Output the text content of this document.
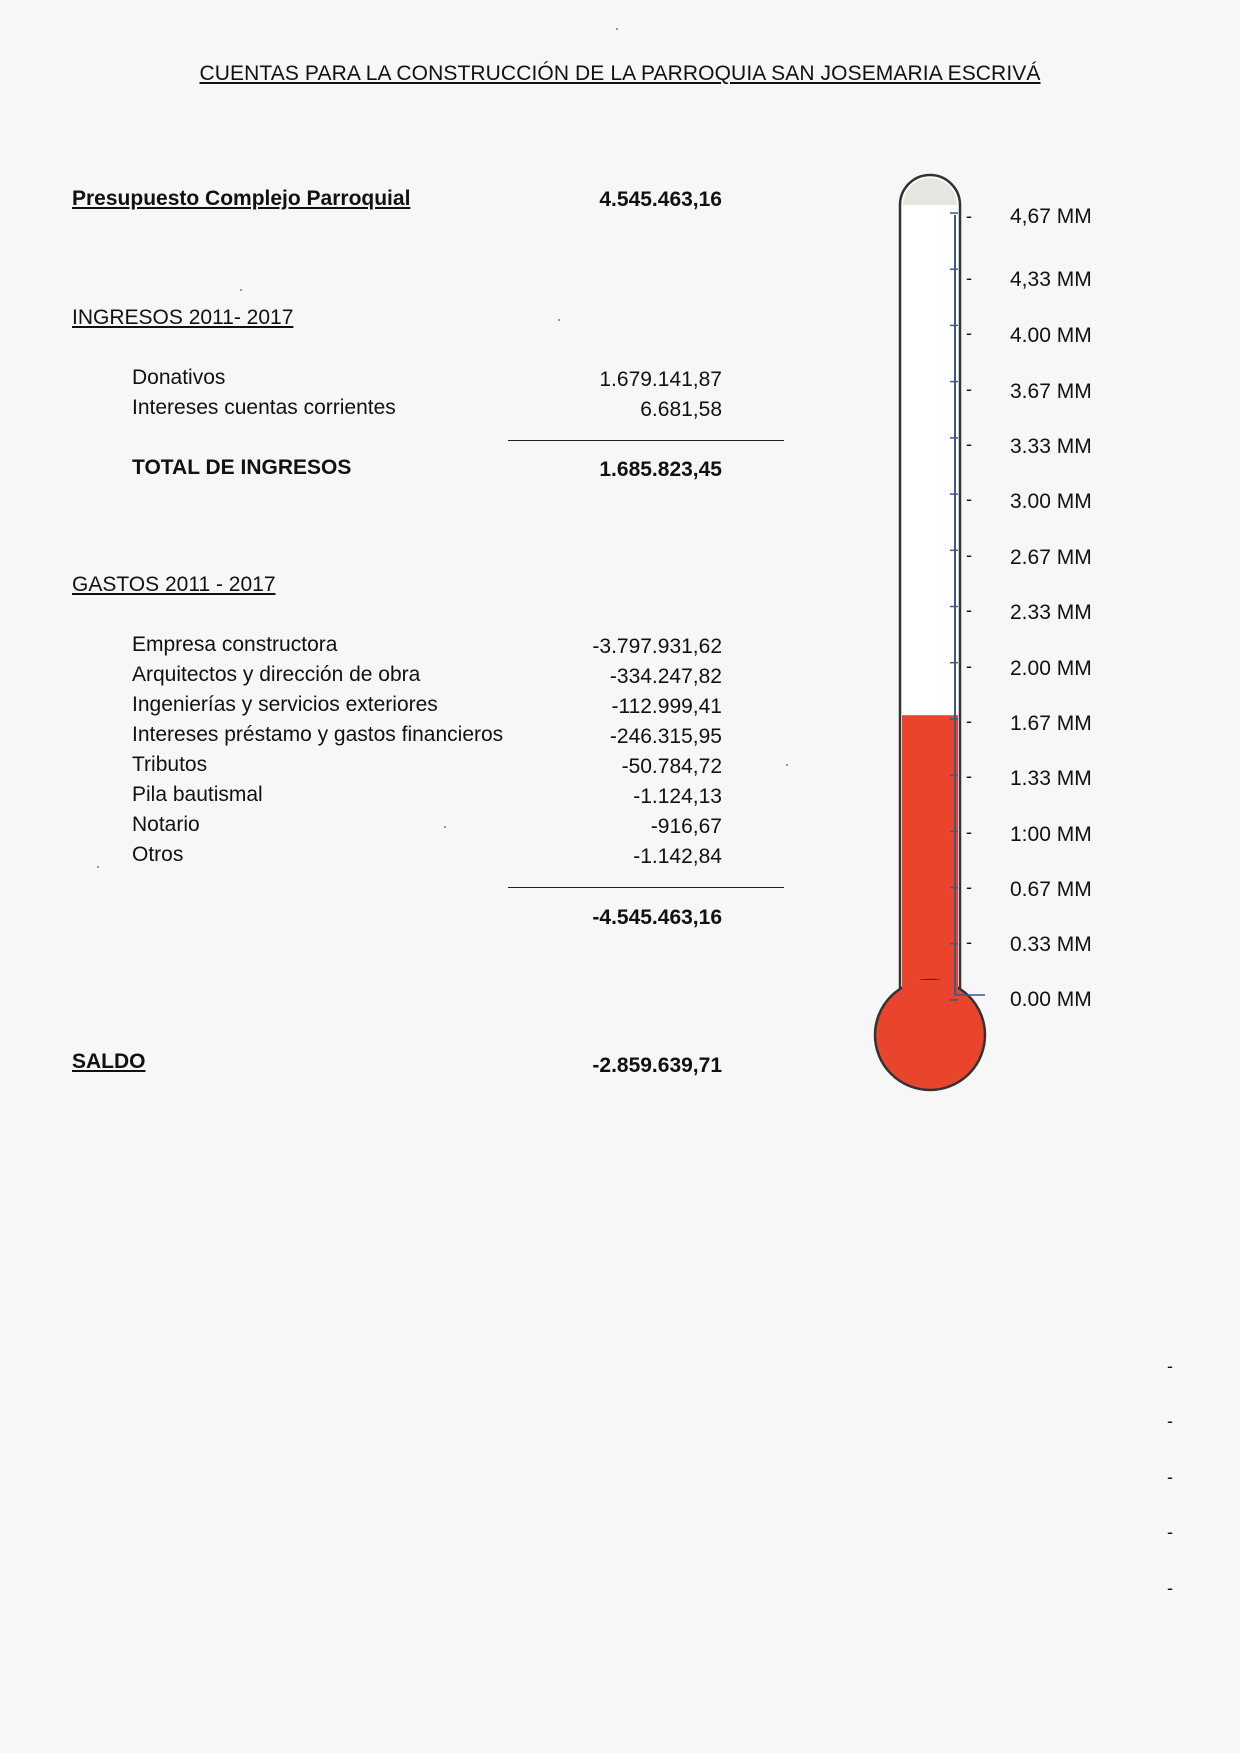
CUENTAS PARA LA CONSTRUCCIÓN DE LA PARROQUIA SAN JOSEMARIA ESCRIVÁ
Presupuesto Complejo Parroquial	4.545.463,16
INGRESOS 2011- 2017
Donativos	1.679.141,87
Intereses cuentas corrientes	6.681,58
TOTAL DE INGRESOS	1.685.823,45
GASTOS 2011 - 2017
Empresa constructora	-3.797.931,62
Arquitectos y dirección de obra	-334.247,82
Ingenierías y servicios exteriores	-112.999,41
Intereses préstamo y gastos financieros	-246.315,95
Tributos	-50.784,72
Pila bautismal	-1.124,13
Notario	-916,67
Otros	-1.142,84
-4.545.463,16
SALDO	-2.859.639,71
- 4,67 MM
- 4,33 MM
- 4.00 MM
- 3.67 MM
- 3.33 MM
- 3.00 MM
- 2.67 MM
- 2.33 MM
- 2.00 MM
- 1.67 MM
- 1.33 MM
- 1:00 MM
- 0.67 MM
- 0.33 MM
0.00 MM
-
-
-
-
-
